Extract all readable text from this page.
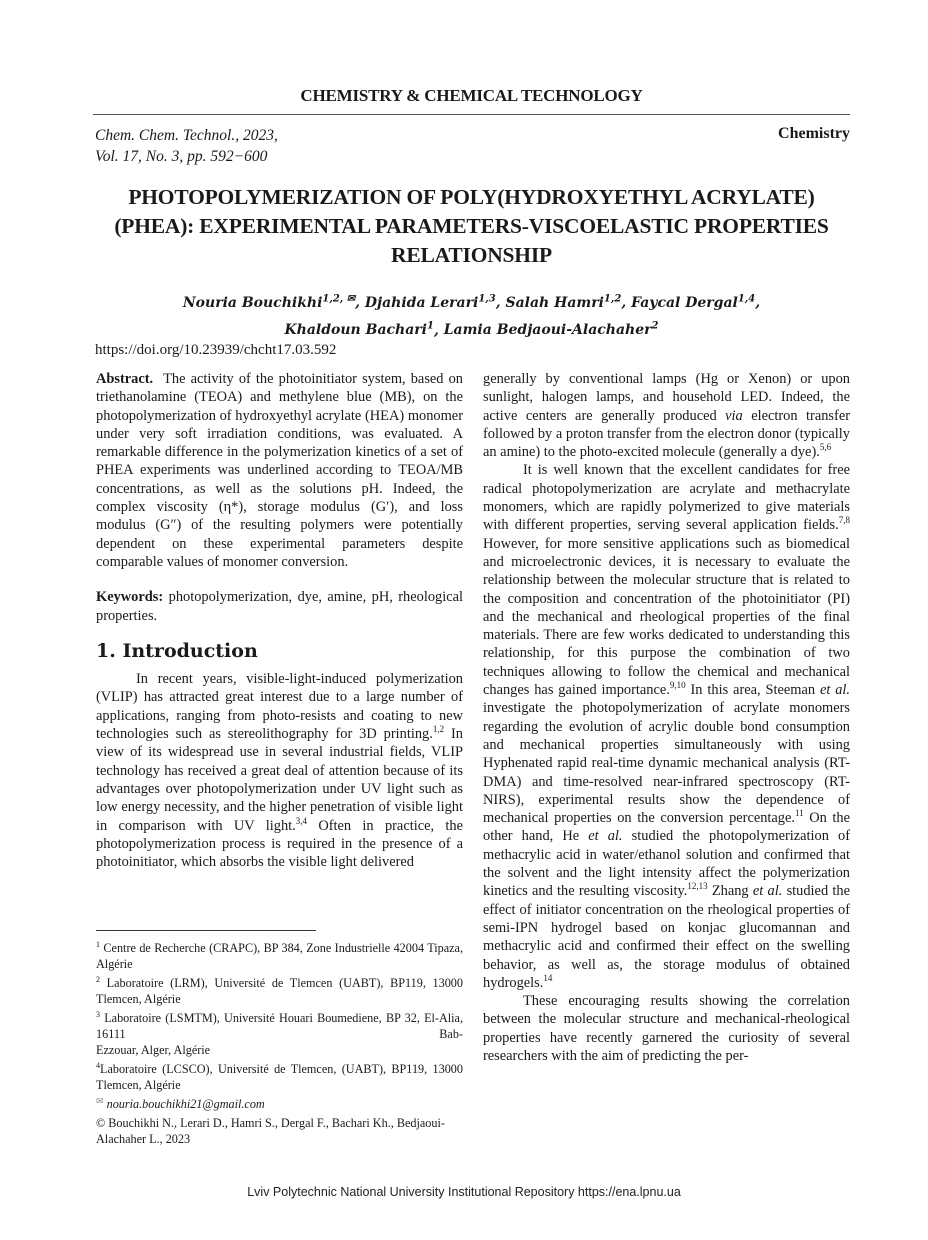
CHEMISTRY & CHEMICAL TECHNOLOGY
Chem. Chem. Technol., 2023,
Vol. 17, No. 3, pp. 592−600
Chemistry
PHOTOPOLYMERIZATION OF POLY(HYDROXYETHYL ACRYLATE) (PHEA): EXPERIMENTAL PARAMETERS-VISCOELASTIC PROPERTIES RELATIONSHIP
Nouria Bouchikhi$^{1,2, ✉}$, Djahida Lerari$^{1,3}$, Salah Hamri$^{1,2}$, Faycal Dergal$^{1,4}$,
Khaldoun Bachari$^1$, Lamia Bedjaoui-Alachaher$^2$
https://doi.org/10.23939/chcht17.03.592

Abstract. The activity of the photoinitiator system, based on triethanolamine (TEOA) and methylene blue (MB), on the photopolymerization of hydroxyethyl acrylate (HEA) monomer under very soft irradiation conditions, was evaluated. A remarkable difference in the polymerization kinetics of a set of PHEA experiments was underlined according to TEOA/MB concentrations, as well as the solutions pH. Indeed, the complex viscosity (η*), storage modulus (G′), and loss modulus (G″) of the resulting polymers were potentially dependent on these experimental parameters despite comparable values of monomer conversion.

Keywords: photopolymerization, dye, amine, pH, rheological properties.

1. Introduction

In recent years, visible-light-induced polymerization (VLIP) has attracted great interest due to a large number of applications, ranging from photo-resists and coating to new technologies such as stereolithography for 3D printing.$^{1,2}$ In view of its widespread use in several industrial fields, VLIP technology has received a great deal of attention because of its advantages over photopolymerization under UV light such as low energy necessity, and the higher penetration of visible light in comparison with UV light.$^{3,4}$ Often in practice, the photopolymerization process is required in the presence of a photoinitiator, which absorbs the visible light delivered

$^1$ Centre de Recherche (CRAPC), BP 384, Zone Industrielle 42004 Tipaza, Algérie

$^2$ Laboratoire (LRM), Université de Tlemcen (UABT), BP119, 13000 Tlemcen, Algérie

$^3$ Laboratoire (LSMTM), Université Houari Boumediene, BP 32, El-Alia, 16111 Bab-

Ezzouar, Alger, Algérie

$^4$Laboratoire (LCSCO), Université de Tlemcen, (UABT), BP119, 13000 Tlemcen, Algérie

✉ nouria.bouchikhi21@gmail.com

© Bouchikhi N., Lerari D., Hamri S., Dergal F., Bachari Kh., Bedjaoui-Alachaher L., 2023

generally by conventional lamps (Hg or Xenon) or upon sunlight, halogen lamps, and household LED. Indeed, the active centers are generally produced via electron transfer followed by a proton transfer from the electron donor (typically an amine) to the photo-excited molecule (generally a dye).$^{5,6}$

It is well known that the excellent candidates for free radical photopolymerization are acrylate and methacrylate monomers, which are rapidly polymerized to give materials with different properties, serving several application fields.$^{7,8}$ However, for more sensitive applications such as biomedical and microelectronic devices, it is necessary to evaluate the relationship between the molecular structure that is related to the composition and concentration of the photoinitiator (PI) and the mechanical and rheological properties of the final materials. There are few works dedicated to understanding this relationship, for this purpose the combination of two techniques allowing to follow the chemical and mechanical changes has gained importance.$^{9,10}$ In this area, Steeman et al. investigate the photopolymerization of acrylate monomers regarding the evolution of acrylic double bond consumption and mechanical properties simultaneously with using Hyphenated rapid real-time dynamic mechanical analysis (RT-DMA) and time-resolved near-infrared spectroscopy (RT-NIRS), experimental results show the dependence of mechanical properties on the conversion percentage.$^{11}$ On the other hand, He et al. studied the photopolymerization of methacrylic acid in water/ethanol solution and confirmed that the solvent and the light intensity affect the polymerization kinetics and the resulting viscosity.$^{12,13}$ Zhang et al. studied the effect of initiator concentration on the rheological properties of semi-IPN hydrogel based on konjac glucomannan and methacrylic acid and confirmed their effect on the swelling behavior, as well as, the storage modulus of obtained hydrogels.$^{14}$

These encouraging results showing the correlation between the molecular structure and mechanical-rheological properties have recently garnered the curiosity of several researchers with the aim of predicting the per-

Lviv Polytechnic National University Institutional Repository https://ena.lpnu.ua
